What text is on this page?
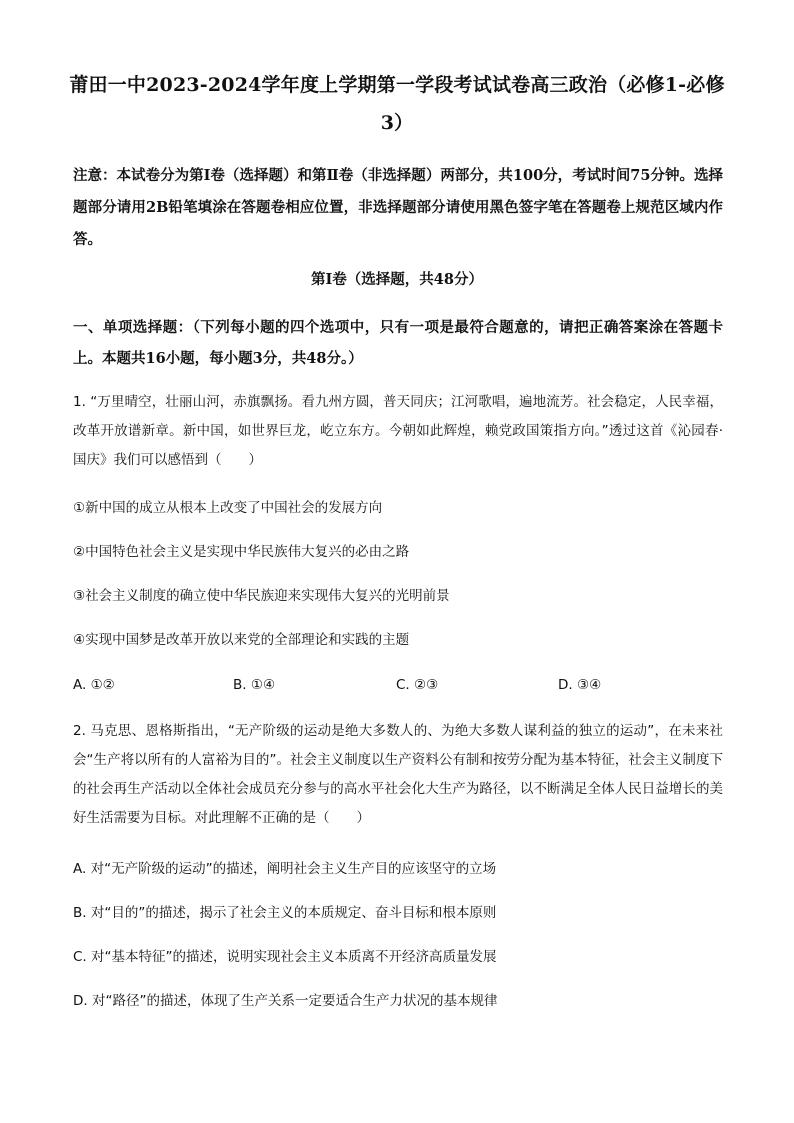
莆田一中2023-2024学年度上学期第一学段考试试卷高三政治（必修1-必修3）
注意：本试卷分为第Ⅰ卷（选择题）和第Ⅱ卷（非选择题）两部分，共100分，考试时间75分钟。选择题部分请用2B铅笔填涂在答题卷相应位置，非选择题部分请使用黑色签字笔在答题卷上规范区域内作答。
第Ⅰ卷（选择题，共48分）
一、单项选择题：（下列每小题的四个选项中，只有一项是最符合题意的，请把正确答案涂在答题卡上。本题共16小题，每小题3分，共48分。）
1. “万里晴空，壮丽山河，赤旗飘扬。看九州方圆，普天同庆；江河歌唱，遍地流芳。社会稳定，人民幸福，改革开放谱新章。新中国，如世界巨龙，屹立东方。今朝如此辉煌，赖党政国策指方向。”透过这首《沁园春·国庆》我们可以感悟到（　　）
①新中国的成立从根本上改变了中国社会的发展方向
②中国特色社会主义是实现中华民族伟大复兴的必由之路
③社会主义制度的确立使中华民族迎来实现伟大复兴的光明前景
④实现中国梦是改革开放以来党的全部理论和实践的主题
A. ①②	B. ①④	C. ②③	D. ③④
2. 马克思、恩格斯指出，“无产阶级的运动是绝大多数人的、为绝大多数人谋利益的独立的运动”，在未来社会“生产将以所有的人富裕为目的”。社会主义制度以生产资料公有制和按劳分配为基本特征，社会主义制度下的社会再生产活动以全体社会成员充分参与的高水平社会化大生产为路径，以不断满足全体人民日益增长的美好生活需要为目标。对此理解不正确的是（　　）
A. 对“无产阶级的运动”的描述，阐明社会主义生产目的应该坚守的立场
B. 对“目的”的描述，揭示了社会主义的本质规定、奋斗目标和根本原则
C. 对“基本特征”的描述，说明实现社会主义本质离不开经济高质量发展
D. 对“路径”的描述，体现了生产关系一定要适合生产力状况的基本规律
